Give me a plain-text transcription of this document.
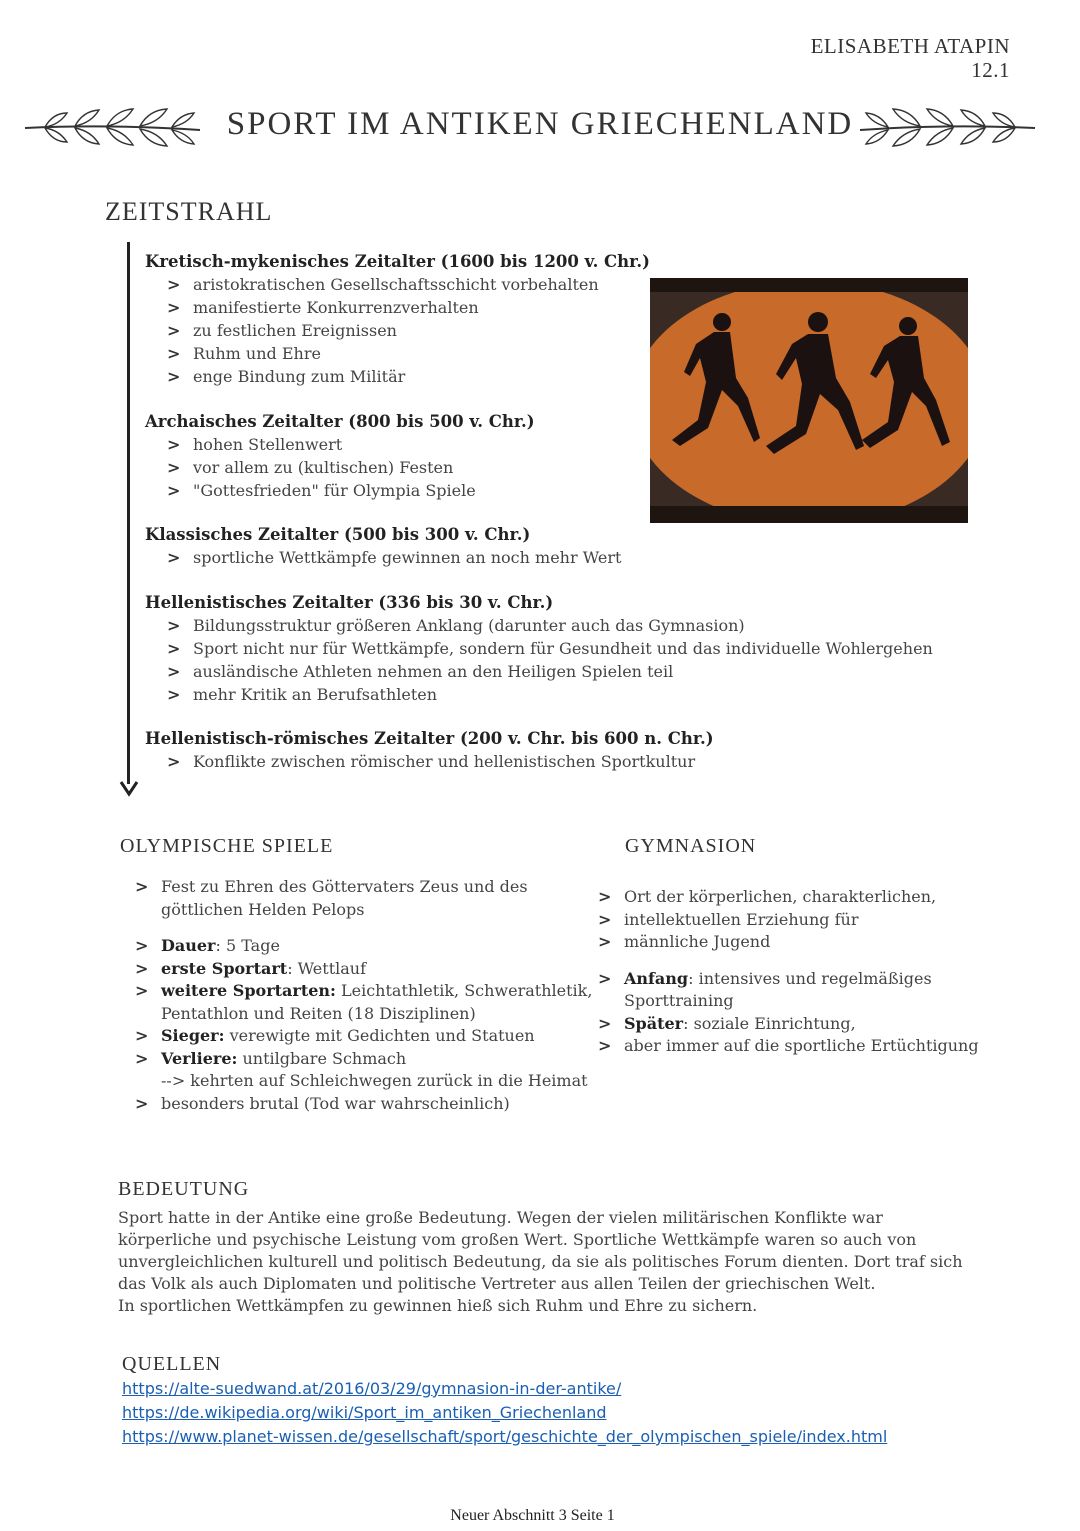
ELISABETH ATAPIN
12.1
SPORT IM ANTIKEN GRIECHENLAND
ZEITSTRAHL
Kretisch-mykenisches Zeitalter (1600 bis 1200 v. Chr.)
> aristokratischen Gesellschaftsschicht vorbehalten
> manifestierte Konkurrenzverhalten
> zu festlichen Ereignissen
> Ruhm und Ehre
> enge Bindung zum Militär
Archaisches Zeitalter (800 bis 500 v. Chr.)
> hohen Stellenwert
> vor allem zu (kultischen) Festen
> "Gottesfrieden" für Olympia Spiele
Klassisches Zeitalter (500 bis 300 v. Chr.)
> sportliche Wettkämpfe gewinnen an noch mehr Wert
Hellenistisches Zeitalter (336 bis 30 v. Chr.)
> Bildungsstruktur größeren Anklang (darunter auch das Gymnasion)
> Sport nicht nur für Wettkämpfe, sondern für Gesundheit und das individuelle Wohlergehen
> ausländische Athleten nehmen an den Heiligen Spielen teil
> mehr Kritik an Berufsathleten
Hellenistisch-römisches Zeitalter (200 v. Chr. bis 600 n. Chr.)
> Konflikte zwischen römischer und hellenistischen Sportkultur
OLYMPISCHE SPIELE
> Fest zu Ehren des Göttervaters Zeus und des
göttlichen Helden Pelops
> Dauer: 5 Tage
> erste Sportart: Wettlauf
> weitere Sportarten: Leichtathletik, Schwerathletik,
Pentathlon und Reiten (18 Disziplinen)
> Sieger: verewigte mit Gedichten und Statuen
> Verliere: untilgbare Schmach
--> kehrten auf Schleichwegen zurück in die Heimat
> besonders brutal (Tod war wahrscheinlich)
GYMNASION
> Ort der körperlichen, charakterlichen,
> intellektuellen Erziehung für
> männliche Jugend
> Anfang: intensives und regelmäßiges
Sporttraining
> Später: soziale Einrichtung,
> aber immer auf die sportliche Ertüchtigung
BEDEUTUNG
Sport hatte in der Antike eine große Bedeutung. Wegen der vielen militärischen Konflikte war
körperliche und psychische Leistung vom großen Wert. Sportliche Wettkämpfe waren so auch von
unvergleichlichen kulturell und politisch Bedeutung, da sie als politisches Forum dienten. Dort traf sich
das Volk als auch Diplomaten und politische Vertreter aus allen Teilen der griechischen Welt.
In sportlichen Wettkämpfen zu gewinnen hieß sich Ruhm und Ehre zu sichern.
QUELLEN
https://alte-suedwand.at/2016/03/29/gymnasion-in-der-antike/
https://de.wikipedia.org/wiki/Sport_im_antiken_Griechenland
https://www.planet-wissen.de/gesellschaft/sport/geschichte_der_olympischen_spiele/index.html
Neuer Abschnitt 3 Seite 1
